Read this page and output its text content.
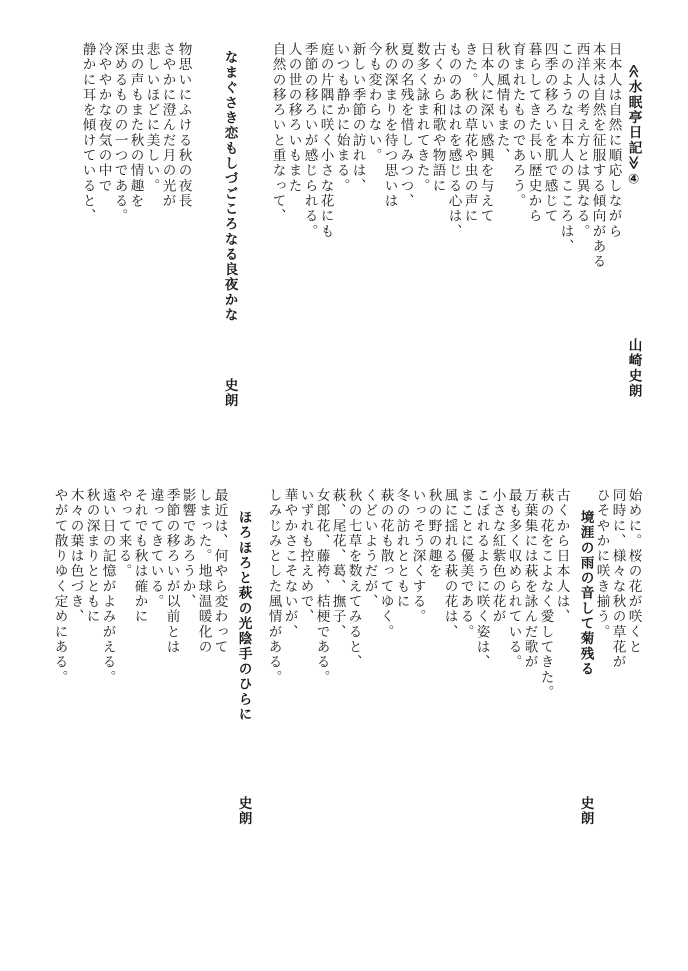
≪水眠亭日記≫④
山崎史朗
日本人は自然に順応しながら
本来は自然を征服する傾向がある
西洋人の考え方とは異なる。
このような日本人のこころは、
四季の移ろいを肌で感じて
暮らしてきた長い歴史から
育まれたものであろう。
秋の風情もまた、
日本人に深い感興を与えて
きた。秋の草花や虫の声に
もののあはれを感じる心は、
古くから和歌や物語に
数多く詠まれてきた。
夏の名残を惜しみつつ、
秋の深まりを待つ思いは
今も変わらない。
新しい季節の訪れは、
いつも静かに始まる。
庭の片隅に咲く小さな花にも
季節の移ろいが感じられる。
人の世の移ろいもまた
自然の移ろいと重なって、
なまぐさき恋もしづごころなる良夜かな
史朗
物思いにふける秋の夜長
さやかに澄んだ月の光が
悲しいほどに美しい。
虫の声もまた秋の情趣を
深めるものの一つである。
冷ややかな夜気の中で
静かに耳を傾けていると、
始めに。桜の花が咲くと
同時に、様々な秋の草花が
ひそやかに咲き揃う。
境涯の雨の音して菊残る
史朗
古くから日本人は、
萩の花をこよなく愛してきた。
万葉集には萩を詠んだ歌が
最も多く収められている。
小さな紅紫色の花が
こぼれるように咲く姿は、
まことに優美である。
風に揺れる萩の花は、
秋の野の趣を
いっそう深くする。
冬の訪れとともに
萩の花も散ってゆく。
くどいようだが、
秋の七草を数えてみると、
萩、尾花、葛、撫子、
女郎花、藤袴、桔梗である。
いずれも控えめで、
華やかさこそないが、
しみじみとした風情がある。
ほろほろと萩の光陰手のひらに
史朗
最近は、何やら変わって
しまった。地球温暖化の
影響であろうか、
季節の移ろいが以前とは
違ってきている。
それでも秋は確かに
やって来る。
遠い日の記憶がよみがえる。
秋の深まりとともに
木々の葉は色づき、
やがて散りゆく定めにある。
